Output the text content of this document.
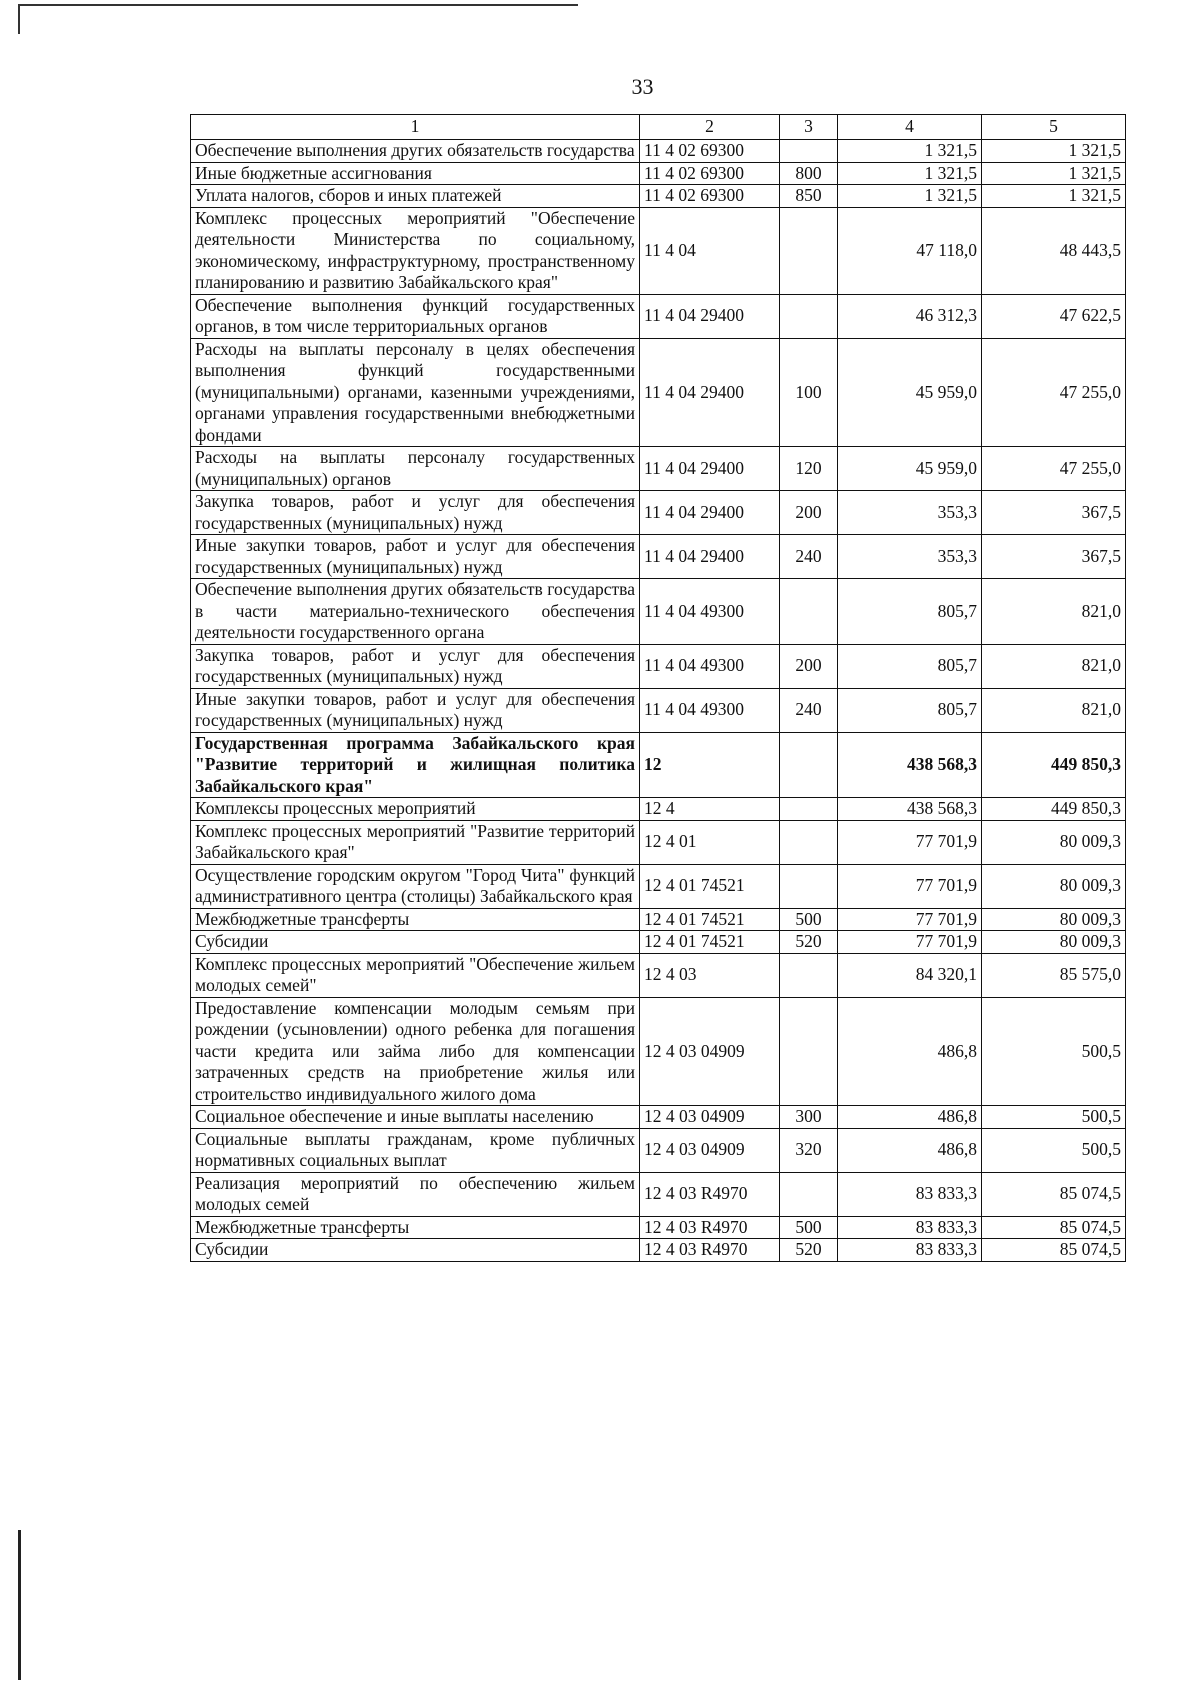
33
1	2	3	4	5
Обеспечение выполнения других обязательств государства	11 4 02 69300		1 321,5	1 321,5
Иные бюджетные ассигнования	11 4 02 69300	800	1 321,5	1 321,5
Уплата налогов, сборов и иных платежей	11 4 02 69300	850	1 321,5	1 321,5
Комплекс процессных мероприятий "Обеспечение деятельности Министерства по социальному, экономическому, инфраструктурному, пространственному планированию и развитию Забайкальского края"	11 4 04		47 118,0	48 443,5
Обеспечение выполнения функций государственных органов, в том числе территориальных органов	11 4 04 29400		46 312,3	47 622,5
Расходы на выплаты персоналу в целях обеспечения выполнения функций государственными (муниципальными) органами, казенными учреждениями, органами управления государственными внебюджетными фондами	11 4 04 29400	100	45 959,0	47 255,0
Расходы на выплаты персоналу государственных (муниципальных) органов	11 4 04 29400	120	45 959,0	47 255,0
Закупка товаров, работ и услуг для обеспечения государственных (муниципальных) нужд	11 4 04 29400	200	353,3	367,5
Иные закупки товаров, работ и услуг для обеспечения государственных (муниципальных) нужд	11 4 04 29400	240	353,3	367,5
Обеспечение выполнения других обязательств государства в части материально-технического обеспечения деятельности государственного органа	11 4 04 49300		805,7	821,0
Закупка товаров, работ и услуг для обеспечения государственных (муниципальных) нужд	11 4 04 49300	200	805,7	821,0
Иные закупки товаров, работ и услуг для обеспечения государственных (муниципальных) нужд	11 4 04 49300	240	805,7	821,0
Государственная программа Забайкальского края "Развитие территорий и жилищная политика Забайкальского края"	12		438 568,3	449 850,3
Комплексы процессных мероприятий	12 4		438 568,3	449 850,3
Комплекс процессных мероприятий "Развитие территорий Забайкальского края"	12 4 01		77 701,9	80 009,3
Осуществление городским округом "Город Чита" функций административного центра (столицы) Забайкальского края	12 4 01 74521		77 701,9	80 009,3
Межбюджетные трансферты	12 4 01 74521	500	77 701,9	80 009,3
Субсидии	12 4 01 74521	520	77 701,9	80 009,3
Комплекс процессных мероприятий "Обеспечение жильем молодых семей"	12 4 03		84 320,1	85 575,0
Предоставление компенсации молодым семьям при рождении (усыновлении) одного ребенка для погашения части кредита или займа либо для компенсации затраченных средств на приобретение жилья или строительство индивидуального жилого дома	12 4 03 04909		486,8	500,5
Социальное обеспечение и иные выплаты населению	12 4 03 04909	300	486,8	500,5
Социальные выплаты гражданам, кроме публичных нормативных социальных выплат	12 4 03 04909	320	486,8	500,5
Реализация мероприятий по обеспечению жильем молодых семей	12 4 03 R4970		83 833,3	85 074,5
Межбюджетные трансферты	12 4 03 R4970	500	83 833,3	85 074,5
Субсидии	12 4 03 R4970	520	83 833,3	85 074,5
